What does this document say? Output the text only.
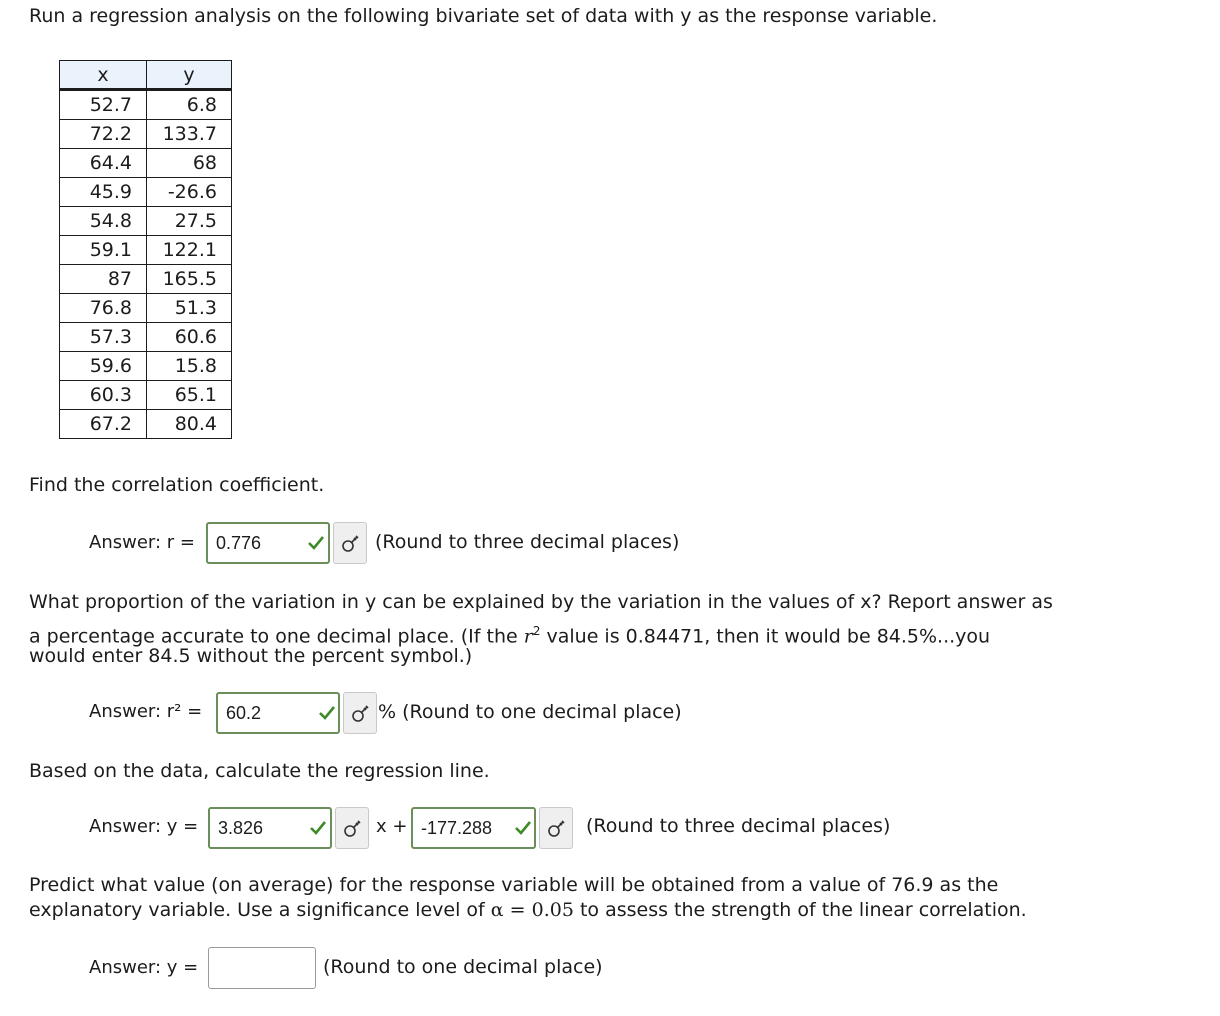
Run a regression analysis on the following bivariate set of data with y as the response variable.
x	y
52.7	6.8
72.2	133.7
64.4	68
45.9	-26.6
54.8	27.5
59.1	122.1
87	165.5
76.8	51.3
57.3	60.6
59.6	15.8
60.3	65.1
67.2	80.4
Find the correlation coefficient.
Answer: r =	0.776	(Round to three decimal places)
What proportion of the variation in y can be explained by the variation in the values of x? Report answer as
a percentage accurate to one decimal place. (If the $r^2$ value is 0.84471, then it would be 84.5%...you
would enter 84.5 without the percent symbol.)
Answer: r² =	60.2	% (Round to one decimal place)
Based on the data, calculate the regression line.
Answer: y =	3.826	x + -177.288	(Round to three decimal places)
Predict what value (on average) for the response variable will be obtained from a value of 76.9 as the
explanatory variable. Use a significance level of α = 0.05 to assess the strength of the linear correlation.
Answer: y =	(Round to one decimal place)
